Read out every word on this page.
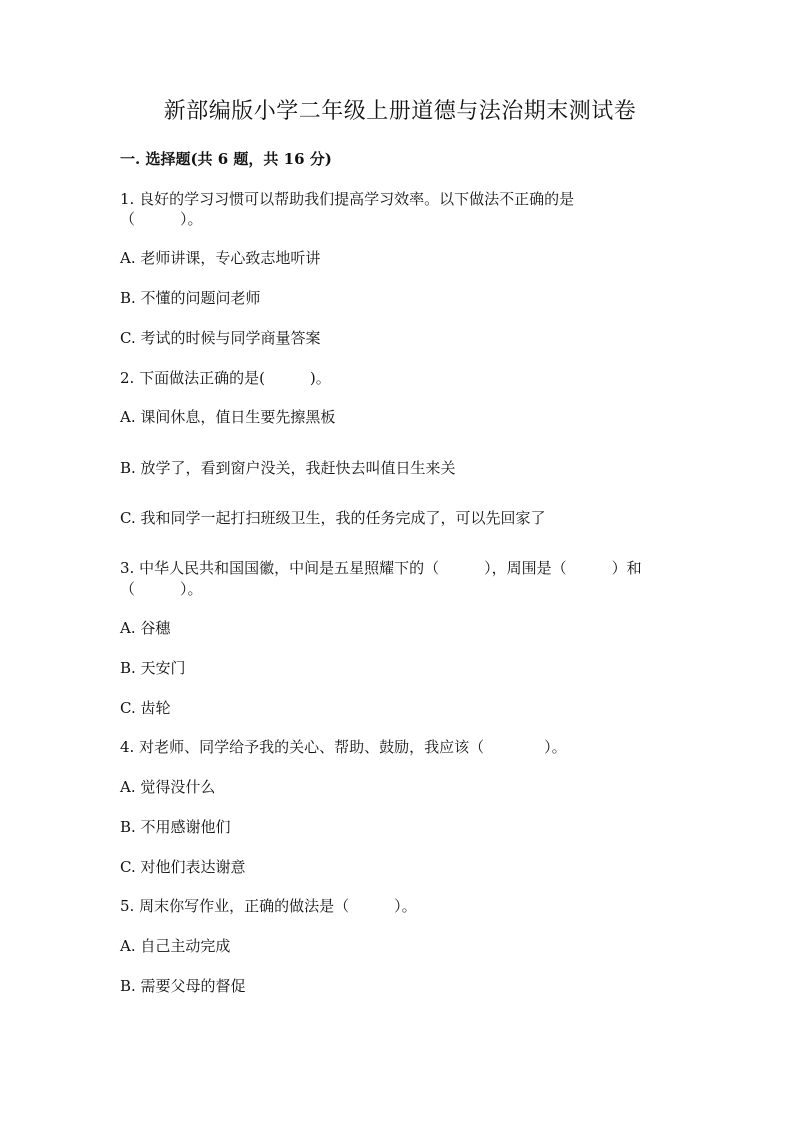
新部编版小学二年级上册道德与法治期末测试卷
一. 选择题(共 6 题，共 16 分)

1. 良好的学习习惯可以帮助我们提高学习效率。以下做法不正确的是

（　　　）。

A. 老师讲课，专心致志地听讲

B. 不懂的问题问老师

C. 考试的时候与同学商量答案

2. 下面做法正确的是(　　　)。

A. 课间休息，值日生要先擦黑板

B. 放学了，看到窗户没关，我赶快去叫值日生来关

C. 我和同学一起打扫班级卫生，我的任务完成了，可以先回家了

3. 中华人民共和国国徽，中间是五星照耀下的（　　　），周围是（　　　）和

（　　　）。

A. 谷穗

B. 天安门

C. 齿轮

4. 对老师、同学给予我的关心、帮助、鼓励，我应该（　　　　）。

A. 觉得没什么

B. 不用感谢他们

C. 对他们表达谢意

5. 周末你写作业，正确的做法是（　　　）。

A. 自己主动完成

B. 需要父母的督促
